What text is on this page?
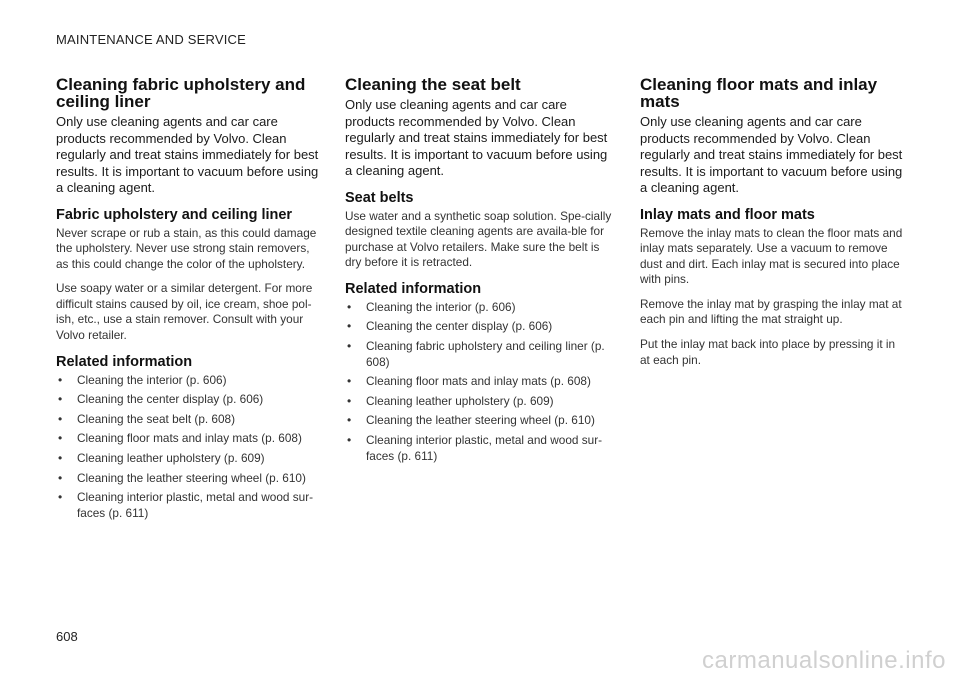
MAINTENANCE AND SERVICE
Cleaning fabric upholstery and ceiling liner

Only use cleaning agents and car care products recommended by Volvo. Clean regularly and treat stains immediately for best results. It is important to vacuum before using a cleaning agent.

Fabric upholstery and ceiling liner

Never scrape or rub a stain, as this could damage the upholstery. Never use strong stain removers, as this could change the color of the upholstery.

Use soapy water or a similar detergent. For more difficult stains caused by oil, ice cream, shoe pol-ish, etc., use a stain remover. Consult with your Volvo retailer.

Related information
• Cleaning the interior (p. 606)
• Cleaning the center display (p. 606)
• Cleaning the seat belt (p. 608)
• Cleaning floor mats and inlay mats (p. 608)
• Cleaning leather upholstery (p. 609)
• Cleaning the leather steering wheel (p. 610)
• Cleaning interior plastic, metal and wood sur-faces (p. 611)
Cleaning the seat belt

Only use cleaning agents and car care products recommended by Volvo. Clean regularly and treat stains immediately for best results. It is important to vacuum before using a cleaning agent.

Seat belts

Use water and a synthetic soap solution. Spe-cially designed textile cleaning agents are availa-ble for purchase at Volvo retailers. Make sure the belt is dry before it is retracted.

Related information
• Cleaning the interior (p. 606)
• Cleaning the center display (p. 606)
• Cleaning fabric upholstery and ceiling liner (p. 608)
• Cleaning floor mats and inlay mats (p. 608)
• Cleaning leather upholstery (p. 609)
• Cleaning the leather steering wheel (p. 610)
• Cleaning interior plastic, metal and wood sur-faces (p. 611)
Cleaning floor mats and inlay mats

Only use cleaning agents and car care products recommended by Volvo. Clean regularly and treat stains immediately for best results. It is important to vacuum before using a cleaning agent.

Inlay mats and floor mats

Remove the inlay mats to clean the floor mats and inlay mats separately. Use a vacuum to remove dust and dirt. Each inlay mat is secured into place with pins.

Remove the inlay mat by grasping the inlay mat at each pin and lifting the mat straight up.

Put the inlay mat back into place by pressing it in at each pin.

608
carmanualsonline.info
